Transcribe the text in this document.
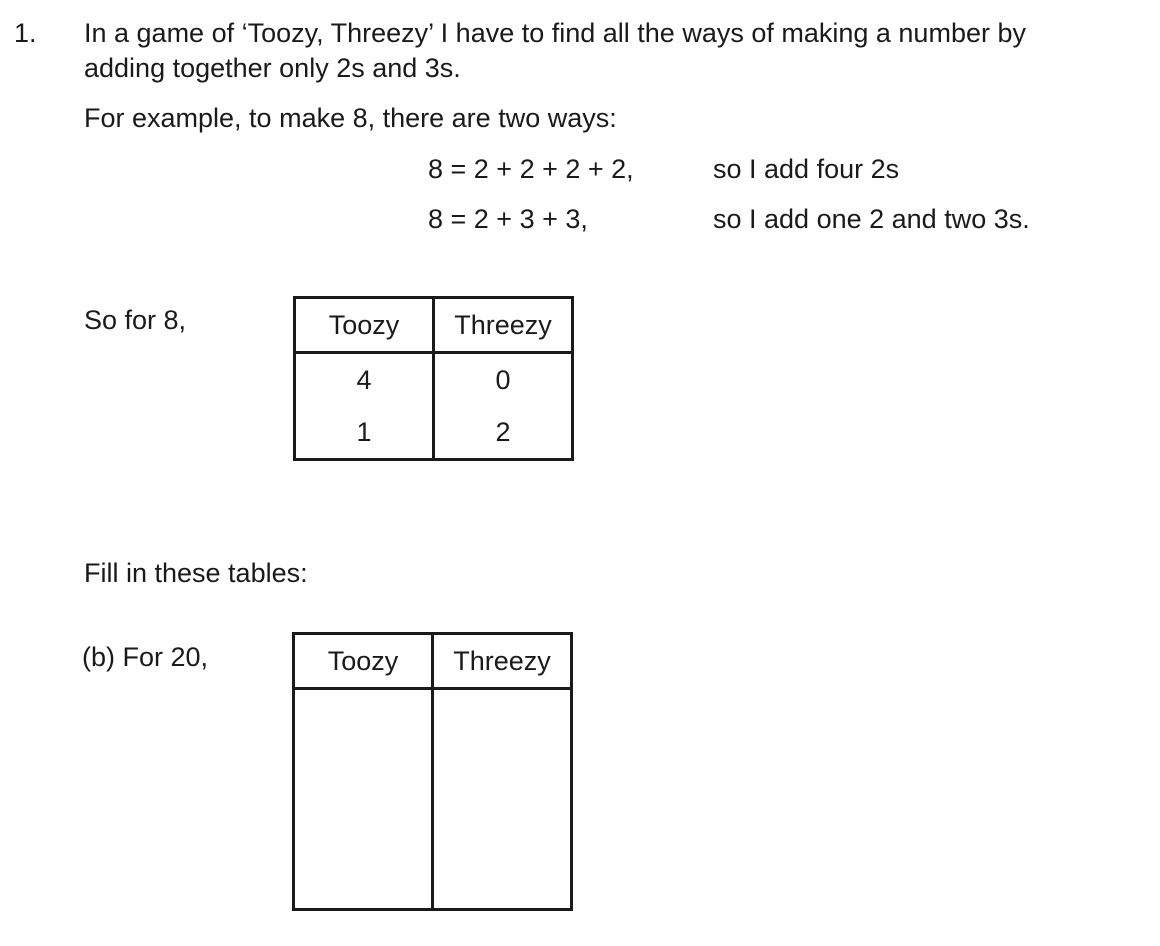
1. In a game of ‘Toozy, Threezy’ I have to find all the ways of making a number by
adding together only 2s and 3s.
For example, to make 8, there are two ways:
8 = 2 + 2 + 2 + 2,	so I add four 2s
8 = 2 + 3 + 3,	so I add one 2 and two 3s.
So for 8,	Toozy	Threezy
4	0
1	2
Fill in these tables:
(b) For 20,	Toozy	Threezy
